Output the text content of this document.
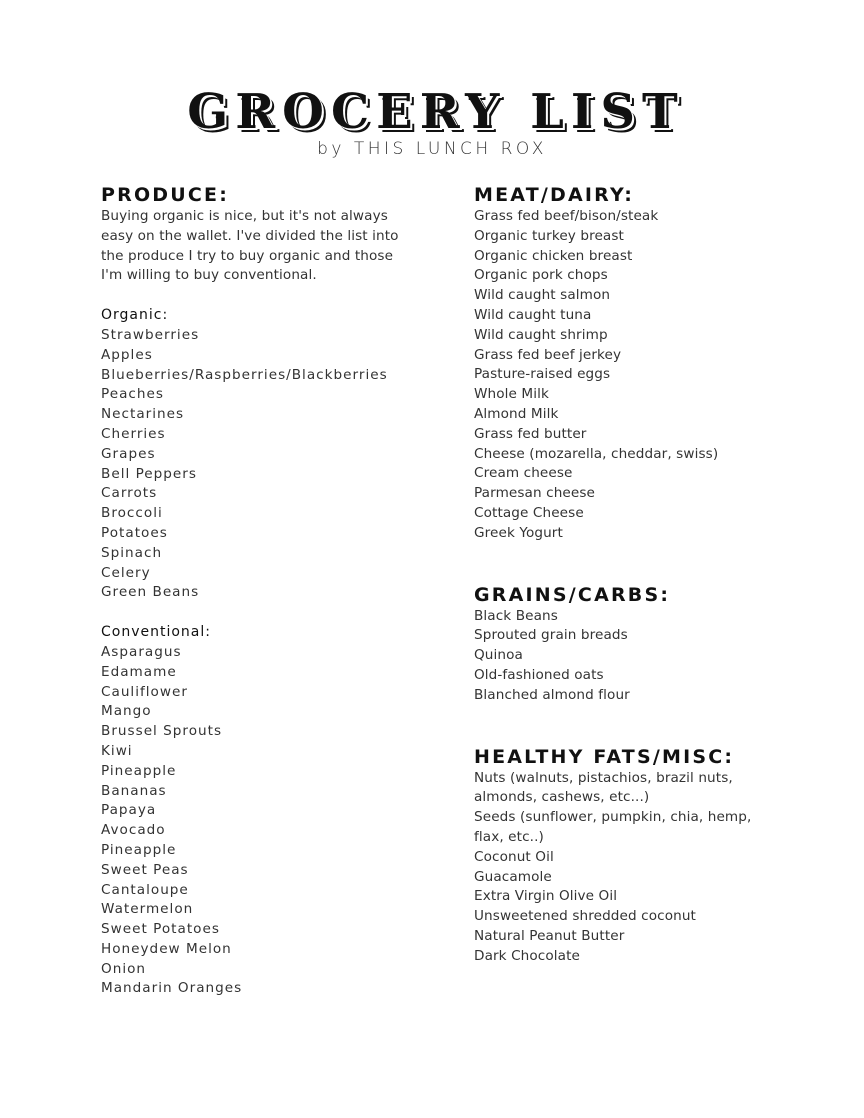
GROCERY LIST
by THIS LUNCH ROX
PRODUCE:

Buying organic is nice, but it's not always

easy on the wallet. I've divided the list into

the produce I try to buy organic and those

I'm willing to buy conventional.

Organic:

Strawberries
Apples
Blueberries/Raspberries/Blackberries
Peaches
Nectarines
Cherries
Grapes
Bell Peppers
Carrots
Broccoli
Potatoes
Spinach
Celery
Green Beans

Conventional:

Asparagus
Edamame
Cauliflower
Mango
Brussel Sprouts
Kiwi
Pineapple
Bananas
Papaya
Avocado
Pineapple
Sweet Peas
Cantaloupe
Watermelon
Sweet Potatoes
Honeydew Melon
Onion
Mandarin Oranges
MEAT/DAIRY:
Grass fed beef/bison/steak
Organic turkey breast
Organic chicken breast
Organic pork chops
Wild caught salmon
Wild caught tuna
Wild caught shrimp
Grass fed beef jerkey
Pasture-raised eggs
Whole Milk
Almond Milk
Grass fed butter
Cheese (mozarella, cheddar, swiss)
Cream cheese
Parmesan cheese
Cottage Cheese
Greek Yogurt
GRAINS/CARBS:
Black Beans
Sprouted grain breads
Quinoa
Old-fashioned oats
Blanched almond flour
HEALTHY FATS/MISC:
Nuts (walnuts, pistachios, brazil nuts,
almonds, cashews, etc...)
Seeds (sunflower, pumpkin, chia, hemp,
flax, etc..)
Coconut Oil
Guacamole
Extra Virgin Olive Oil
Unsweetened shredded coconut
Natural Peanut Butter
Dark Chocolate
